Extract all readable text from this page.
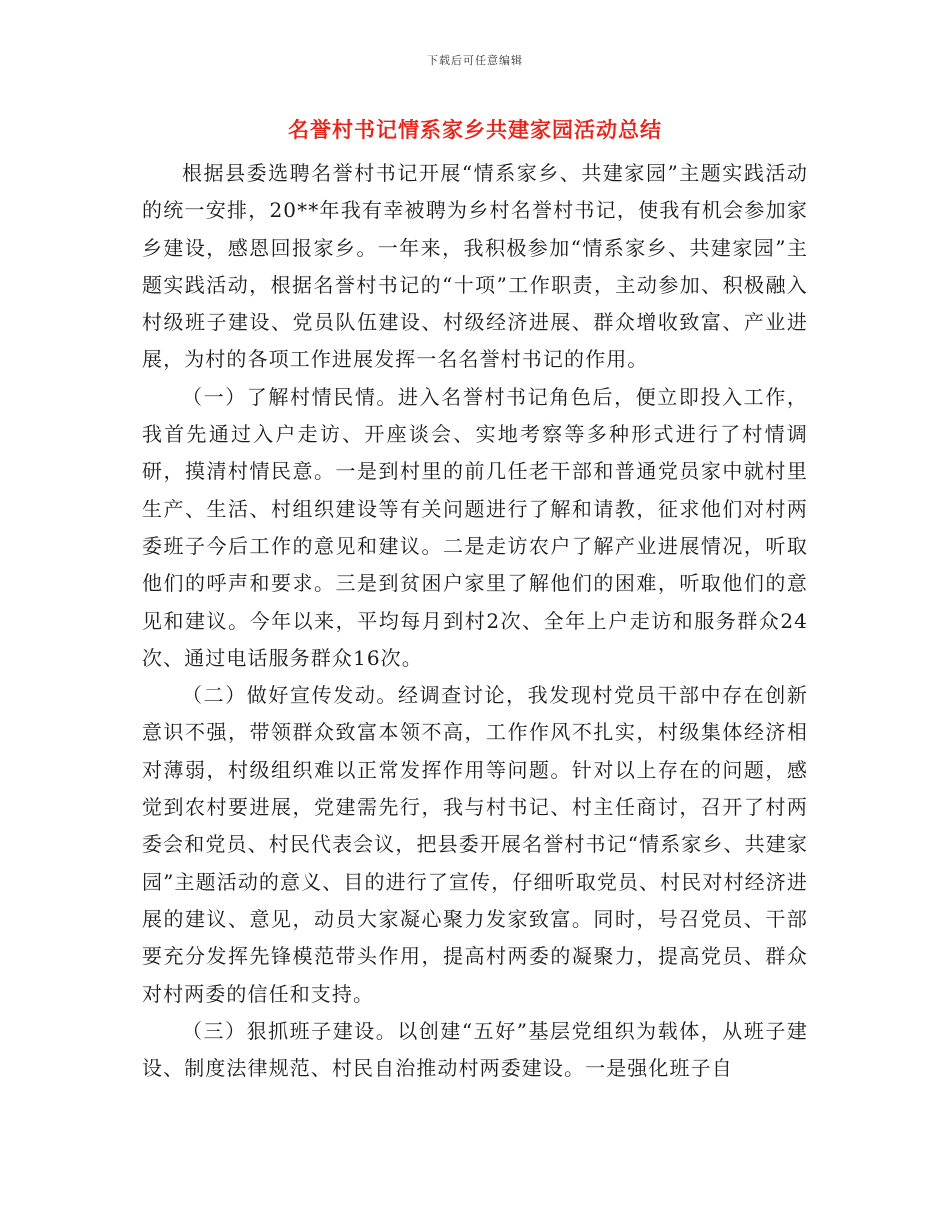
下载后可任意编辑
名誉村书记情系家乡共建家园活动总结

根据县委选聘名誉村书记开展“情系家乡、共建家园”主题实践活动的统一安排，20**年我有幸被聘为乡村名誉村书记，使我有机会参加家乡建设，感恩回报家乡。一年来，我积极参加“情系家乡、共建家园”主题实践活动，根据名誉村书记的“十项”工作职责，主动参加、积极融入村级班子建设、党员队伍建设、村级经济进展、群众增收致富、产业进展，为村的各项工作进展发挥一名名誉村书记的作用。

（一）了解村情民情。进入名誉村书记角色后，便立即投入工作，我首先通过入户走访、开座谈会、实地考察等多种形式进行了村情调研，摸清村情民意。一是到村里的前几任老干部和普通党员家中就村里生产、生活、村组织建设等有关问题进行了解和请教，征求他们对村两委班子今后工作的意见和建议。二是走访农户了解产业进展情况，听取他们的呼声和要求。三是到贫困户家里了解他们的困难，听取他们的意见和建议。今年以来，平均每月到村2次、全年上户走访和服务群众24次、通过电话服务群众16次。

（二）做好宣传发动。经调查讨论，我发现村党员干部中存在创新意识不强，带领群众致富本领不高，工作作风不扎实，村级集体经济相对薄弱，村级组织难以正常发挥作用等问题。针对以上存在的问题，感觉到农村要进展，党建需先行，我与村书记、村主任商讨，召开了村两委会和党员、村民代表会议，把县委开展名誉村书记“情系家乡、共建家园”主题活动的意义、目的进行了宣传，仔细听取党员、村民对村经济进展的建议、意见，动员大家凝心聚力发家致富。同时，号召党员、干部要充分发挥先锋模范带头作用，提高村两委的凝聚力，提高党员、群众对村两委的信任和支持。

（三）狠抓班子建设。以创建“五好”基层党组织为载体，从班子建设、制度法律规范、村民自治推动村两委建设。一是强化班子自
